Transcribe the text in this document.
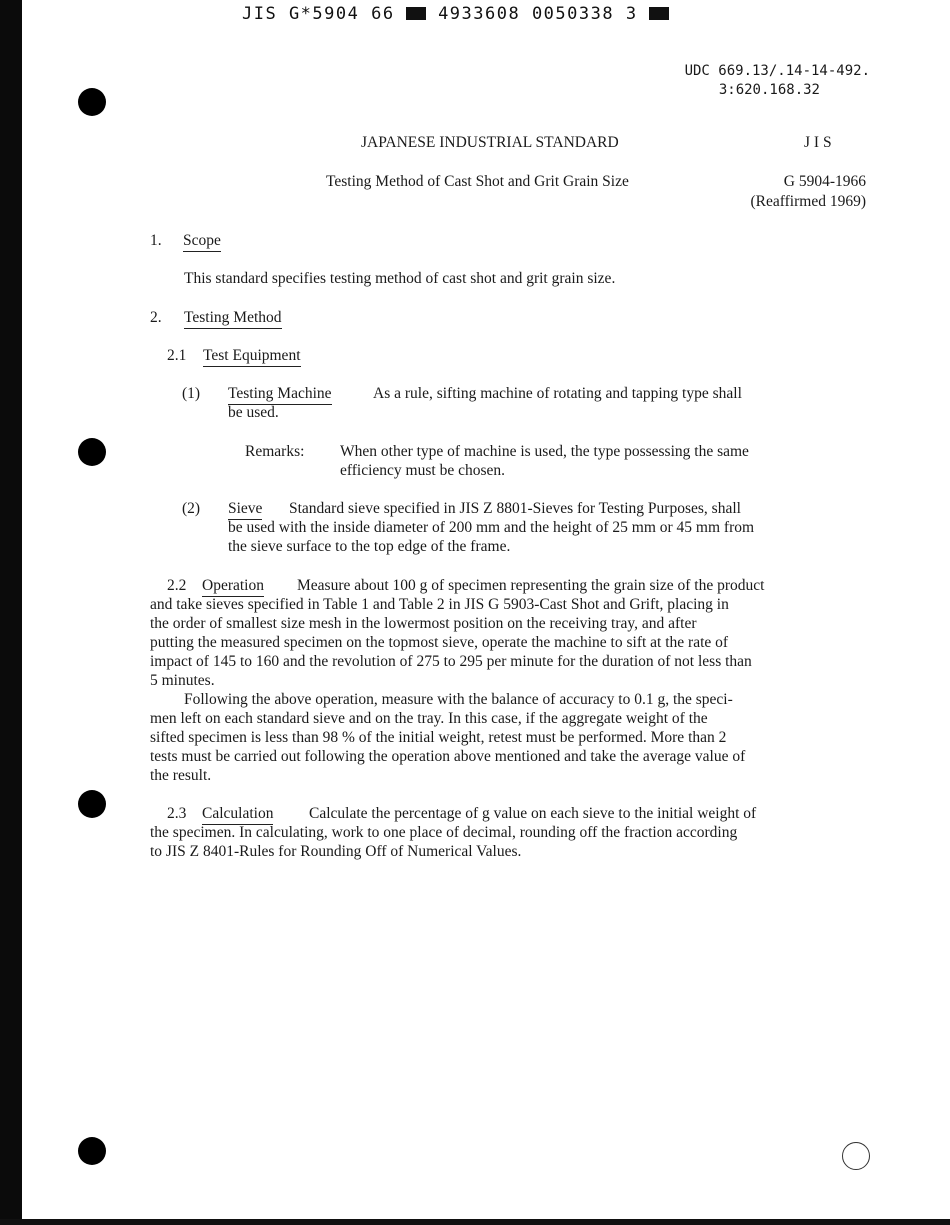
JIS G*5904 66	4933608 0050338 3
UDC 669.13/.14-14-492.
3:620.168.32
JAPANESE INDUSTRIAL STANDARD	J I S
Testing Method of Cast Shot and Grit Grain Size	G 5904-1966
(Reaffirmed 1969)
1. Scope
This standard specifies testing method of cast shot and grit grain size.
2. Testing Method
2.1 Test Equipment
(1) Testing Machine	As a rule, sifting machine of rotating and tapping type shall
be used.
Remarks: When other type of machine is used, the type possessing the same
efficiency must be chosen.
(2) Sieve Standard sieve specified in JIS Z 8801-Sieves for Testing Purposes, shall
be used with the inside diameter of 200 mm and the height of 25 mm or 45 mm from
the sieve surface to the top edge of the frame.
2.2 Operation Measure about 100 g of specimen representing the grain size of the product
and take sieves specified in Table 1 and Table 2 in JIS G 5903-Cast Shot and Grift, placing in
the order of smallest size mesh in the lowermost position on the receiving tray, and after
putting the measured specimen on the topmost sieve, operate the machine to sift at the rate of
impact of 145 to 160 and the revolution of 275 to 295 per minute for the duration of not less than
5 minutes.
Following the above operation, measure with the balance of accuracy to 0.1 g, the speci-
men left on each standard sieve and on the tray. In this case, if the aggregate weight of the
sifted specimen is less than 98 % of the initial weight, retest must be performed. More than 2
tests must be carried out following the operation above mentioned and take the average value of
the result.
2.3 Calculation Calculate the percentage of g value on each sieve to the initial weight of
the specimen. In calculating, work to one place of decimal, rounding off the fraction according
to JIS Z 8401-Rules for Rounding Off of Numerical Values.
